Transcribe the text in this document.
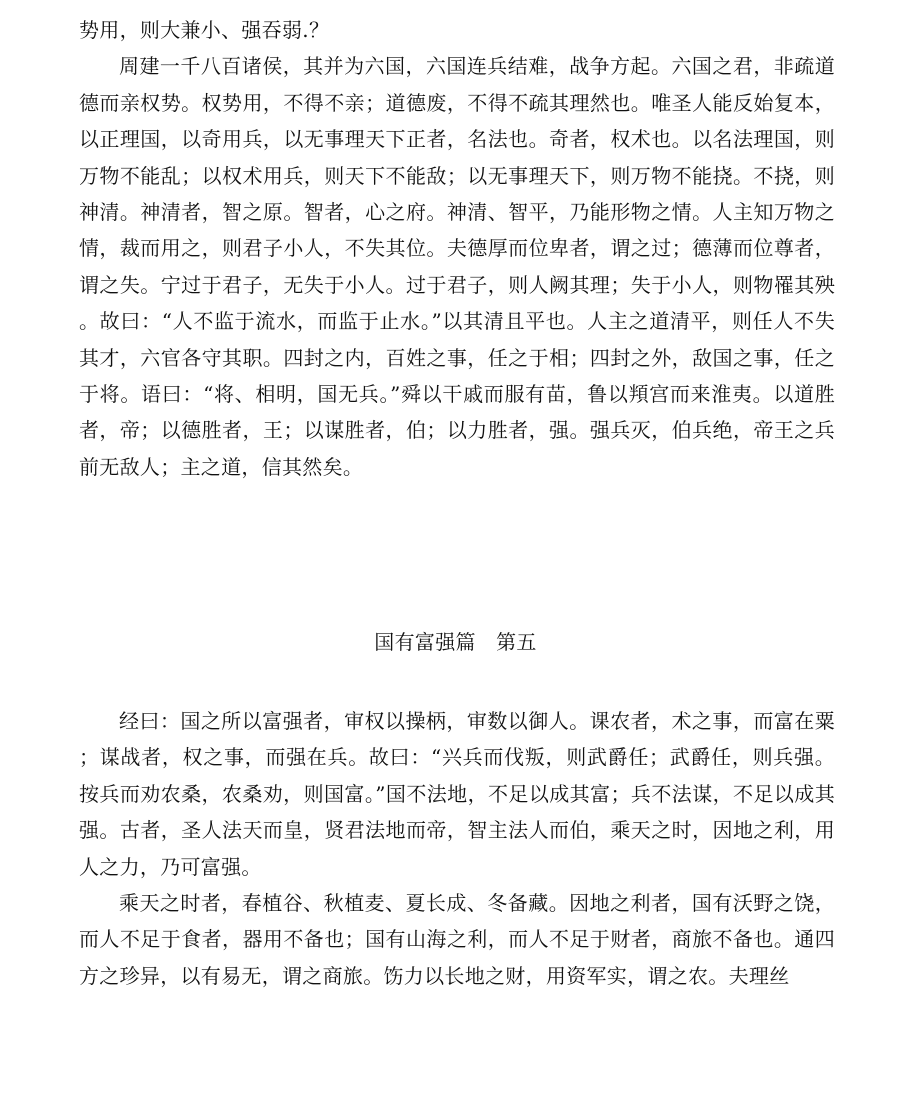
势用，则大兼小、强吞弱.？

周建一千八百诸侯，其并为六国，六国连兵结难，战争方起。六国之君，非疏道德而亲权势。权势用，不得不亲；道德废，不得不疏其理然也。唯圣人能反始复本，以正理国，以奇用兵，以无事理天下正者，名法也。奇者，权术也。以名法理国，则万物不能乱；以权术用兵，则天下不能敌；以无事理天下，则万物不能挠。不挠，则神清。神清者，智之原。智者，心之府。神清、智平，乃能形物之情。人主知万物之情，裁而用之，则君子小人，不失其位。夫德厚而位卑者，谓之过；德薄而位尊者，谓之失。宁过于君子，无失于小人。过于君子，则人阙其理；失于小人，则物罹其殃。故曰：“人不监于流水，而监于止水。”以其清且平也。人主之道清平，则任人不失其才，六官各守其职。四封之内，百姓之事，任之于相；四封之外，敌国之事，任之于将。语曰：“将、相明，国无兵。”舜以干戚而服有苗，鲁以頖宫而来淮夷。以道胜者，帝；以德胜者，王；以谋胜者，伯；以力胜者，强。强兵灭，伯兵绝，帝王之兵前无敌人；主之道，信其然矣。

国有富强篇　第五

经曰：国之所以富强者，审权以操柄，审数以御人。课农者，术之事，而富在粟；谋战者，权之事，而强在兵。故曰：“兴兵而伐叛，则武爵任；武爵任，则兵强。按兵而劝农桑，农桑劝，则国富。”国不法地，不足以成其富；兵不法谋，不足以成其强。古者，圣人法天而皇，贤君法地而帝，智主法人而伯，乘天之时，因地之利，用人之力，乃可富强。

乘天之时者，春植谷、秋植麦、夏长成、冬备藏。因地之利者，国有沃野之饶，而人不足于食者，器用不备也；国有山海之利，而人不足于财者，商旅不备也。通四方之珍异，以有易无，谓之商旅。饬力以长地之财，用资军实，谓之农。夫理丝
